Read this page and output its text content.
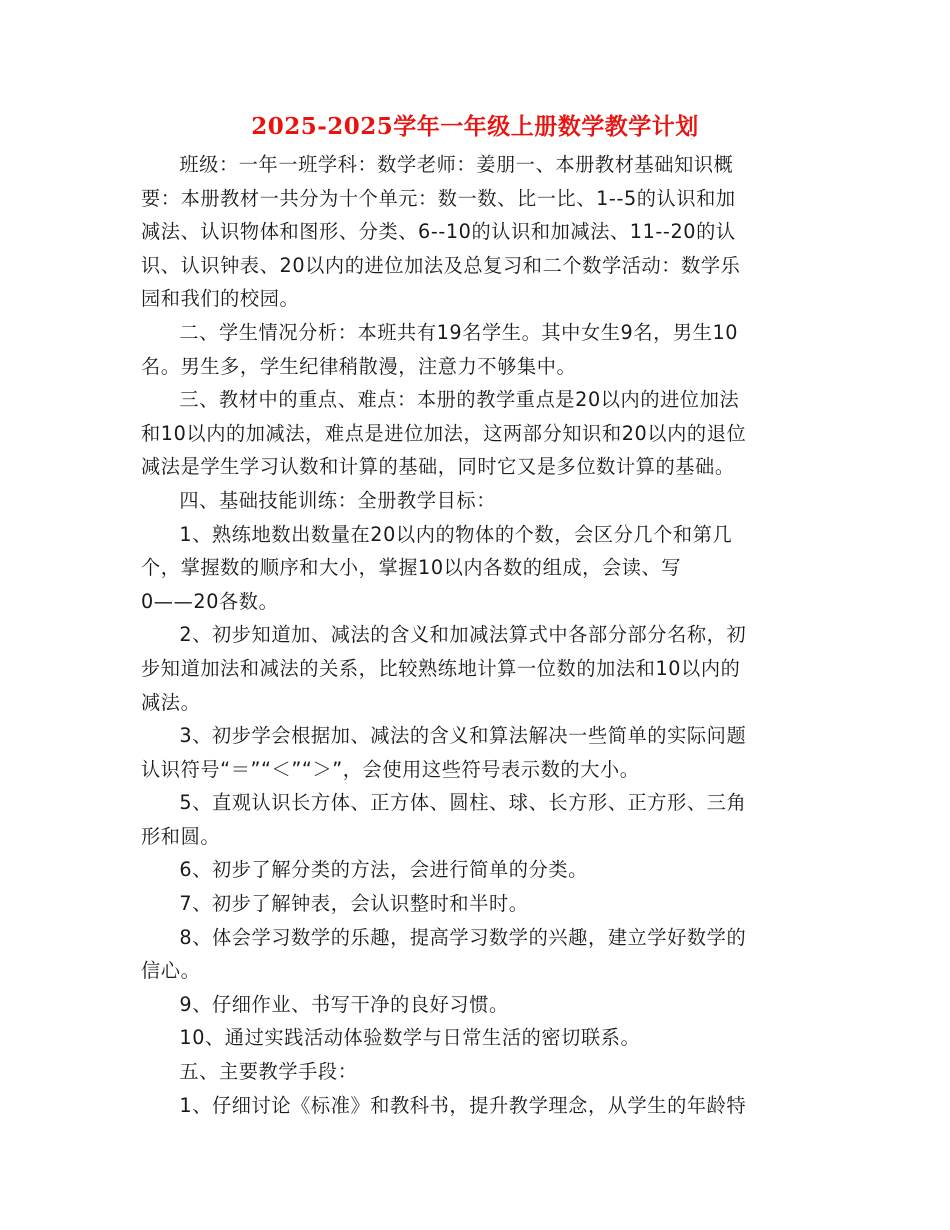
2025-2025学年一年级上册数学教学计划

班级：一年一班学科：数学老师：姜朋一、本册教材基础知识概
要：本册教材一共分为十个单元：数一数、比一比、1--5的认识和加
减法、认识物体和图形、分类、6--10的认识和加减法、11--20的认
识、认识钟表、20以内的进位加法及总复习和二个数学活动：数学乐
园和我们的校园。

二、学生情况分析：本班共有19名学生。其中女生9名，男生10
名。男生多，学生纪律稍散漫，注意力不够集中。

三、教材中的重点、难点：本册的教学重点是20以内的进位加法
和10以内的加减法，难点是进位加法，这两部分知识和20以内的退位
减法是学生学习认数和计算的基础，同时它又是多位数计算的基础。

四、基础技能训练：全册教学目标：

1、熟练地数出数量在20以内的物体的个数，会区分几个和第几
个，掌握数的顺序和大小，掌握10以内各数的组成，会读、写
0——20各数。

2、初步知道加、减法的含义和加减法算式中各部分部分名称，初
步知道加法和减法的关系，比较熟练地计算一位数的加法和10以内的
减法。

3、初步学会根据加、减法的含义和算法解决一些简单的实际问题
认识符号“＝”“＜”“＞”，会使用这些符号表示数的大小。

5、直观认识长方体、正方体、圆柱、球、长方形、正方形、三角
形和圆。

6、初步了解分类的方法，会进行简单的分类。

7、初步了解钟表，会认识整时和半时。

8、体会学习数学的乐趣，提高学习数学的兴趣，建立学好数学的
信心。

9、仔细作业、书写干净的良好习惯。

10、通过实践活动体验数学与日常生活的密切联系。

五、主要教学手段：

1、仔细讨论《标准》和教科书，提升教学理念，从学生的年龄特
